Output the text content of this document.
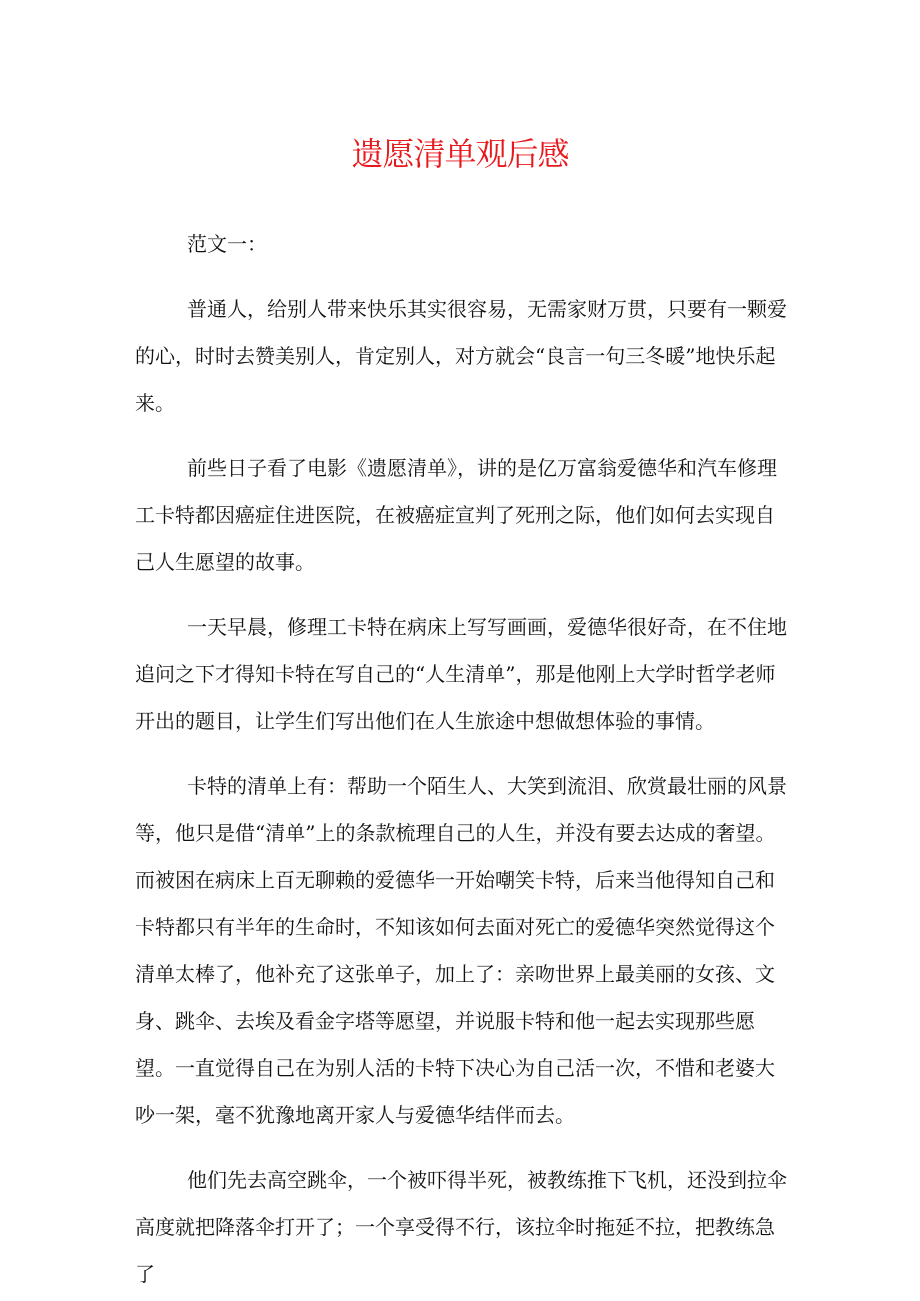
遗愿清单观后感

范文一：

普通人，给别人带来快乐其实很容易，无需家财万贯，只要有一颗爱的心，时时去赞美别人，肯定别人，对方就会“良言一句三冬暖”地快乐起来。

前些日子看了电影《遗愿清单》，讲的是亿万富翁爱德华和汽车修理工卡特都因癌症住进医院，在被癌症宣判了死刑之际，他们如何去实现自己人生愿望的故事。

一天早晨，修理工卡特在病床上写写画画，爱德华很好奇，在不住地追问之下才得知卡特在写自己的“人生清单”，那是他刚上大学时哲学老师开出的题目，让学生们写出他们在人生旅途中想做想体验的事情。

卡特的清单上有：帮助一个陌生人、大笑到流泪、欣赏最壮丽的风景等，他只是借“清单”上的条款梳理自己的人生，并没有要去达成的奢望。而被困在病床上百无聊赖的爱德华一开始嘲笑卡特，后来当他得知自己和卡特都只有半年的生命时，不知该如何去面对死亡的爱德华突然觉得这个清单太棒了，他补充了这张单子，加上了：亲吻世界上最美丽的女孩、文身、跳伞、去埃及看金字塔等愿望，并说服卡特和他一起去实现那些愿望。一直觉得自己在为别人活的卡特下决心为自己活一次，不惜和老婆大吵一架，毫不犹豫地离开家人与爱德华结伴而去。

他们先去高空跳伞，一个被吓得半死，被教练推下飞机，还没到拉伞高度就把降落伞打开了；一个享受得不行，该拉伞时拖延不拉，把教练急了
